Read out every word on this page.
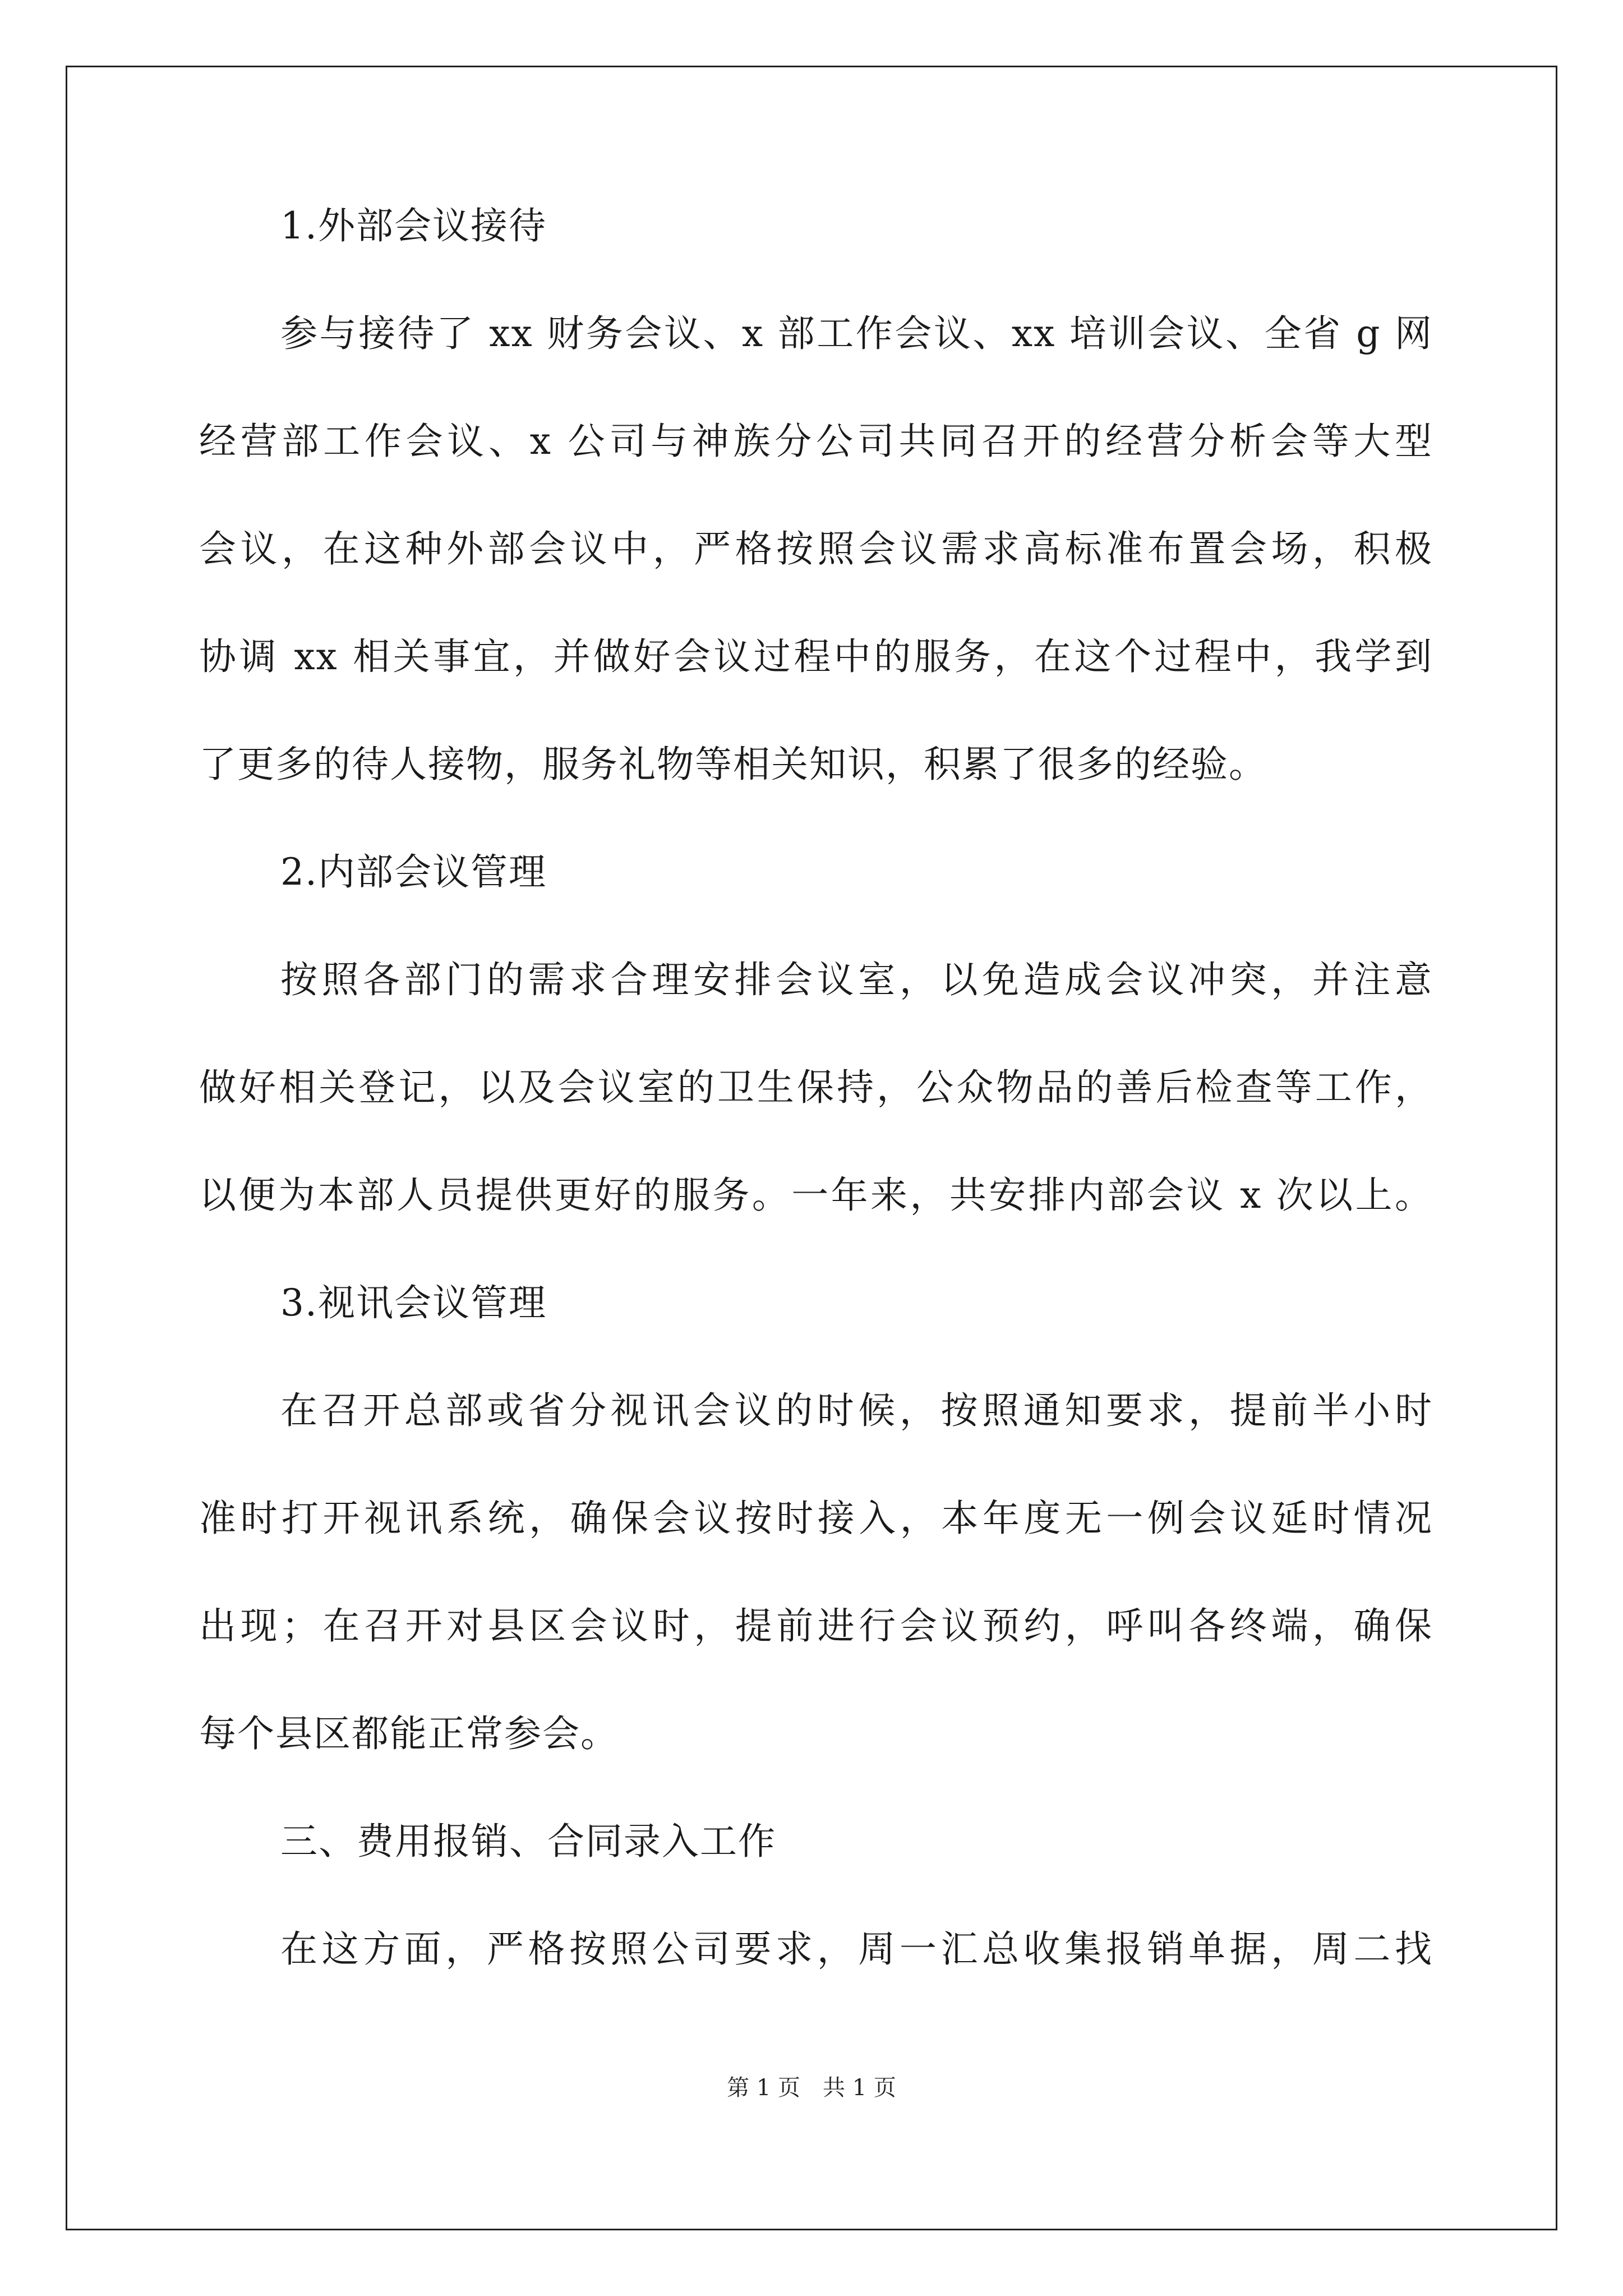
1.外部会议接待
参与接待了 xx 财务会议、x 部工作会议、xx 培训会议、全省 g 网
经营部工作会议、x 公司与神族分公司共同召开的经营分析会等大型
会议，在这种外部会议中，严格按照会议需求高标准布置会场，积极
协调 xx 相关事宜，并做好会议过程中的服务，在这个过程中，我学到
了更多的待人接物，服务礼物等相关知识，积累了很多的经验。
2.内部会议管理
按照各部门的需求合理安排会议室，以免造成会议冲突，并注意
做好相关登记，以及会议室的卫生保持，公众物品的善后检查等工作，
以便为本部人员提供更好的服务。一年来，共安排内部会议 x 次以上。
3.视讯会议管理
在召开总部或省分视讯会议的时候，按照通知要求，提前半小时
准时打开视讯系统，确保会议按时接入，本年度无一例会议延时情况
出现；在召开对县区会议时，提前进行会议预约，呼叫各终端，确保
每个县区都能正常参会。
三、费用报销、合同录入工作
在这方面，严格按照公司要求，周一汇总收集报销单据，周二找
第 1 页　共 1 页
